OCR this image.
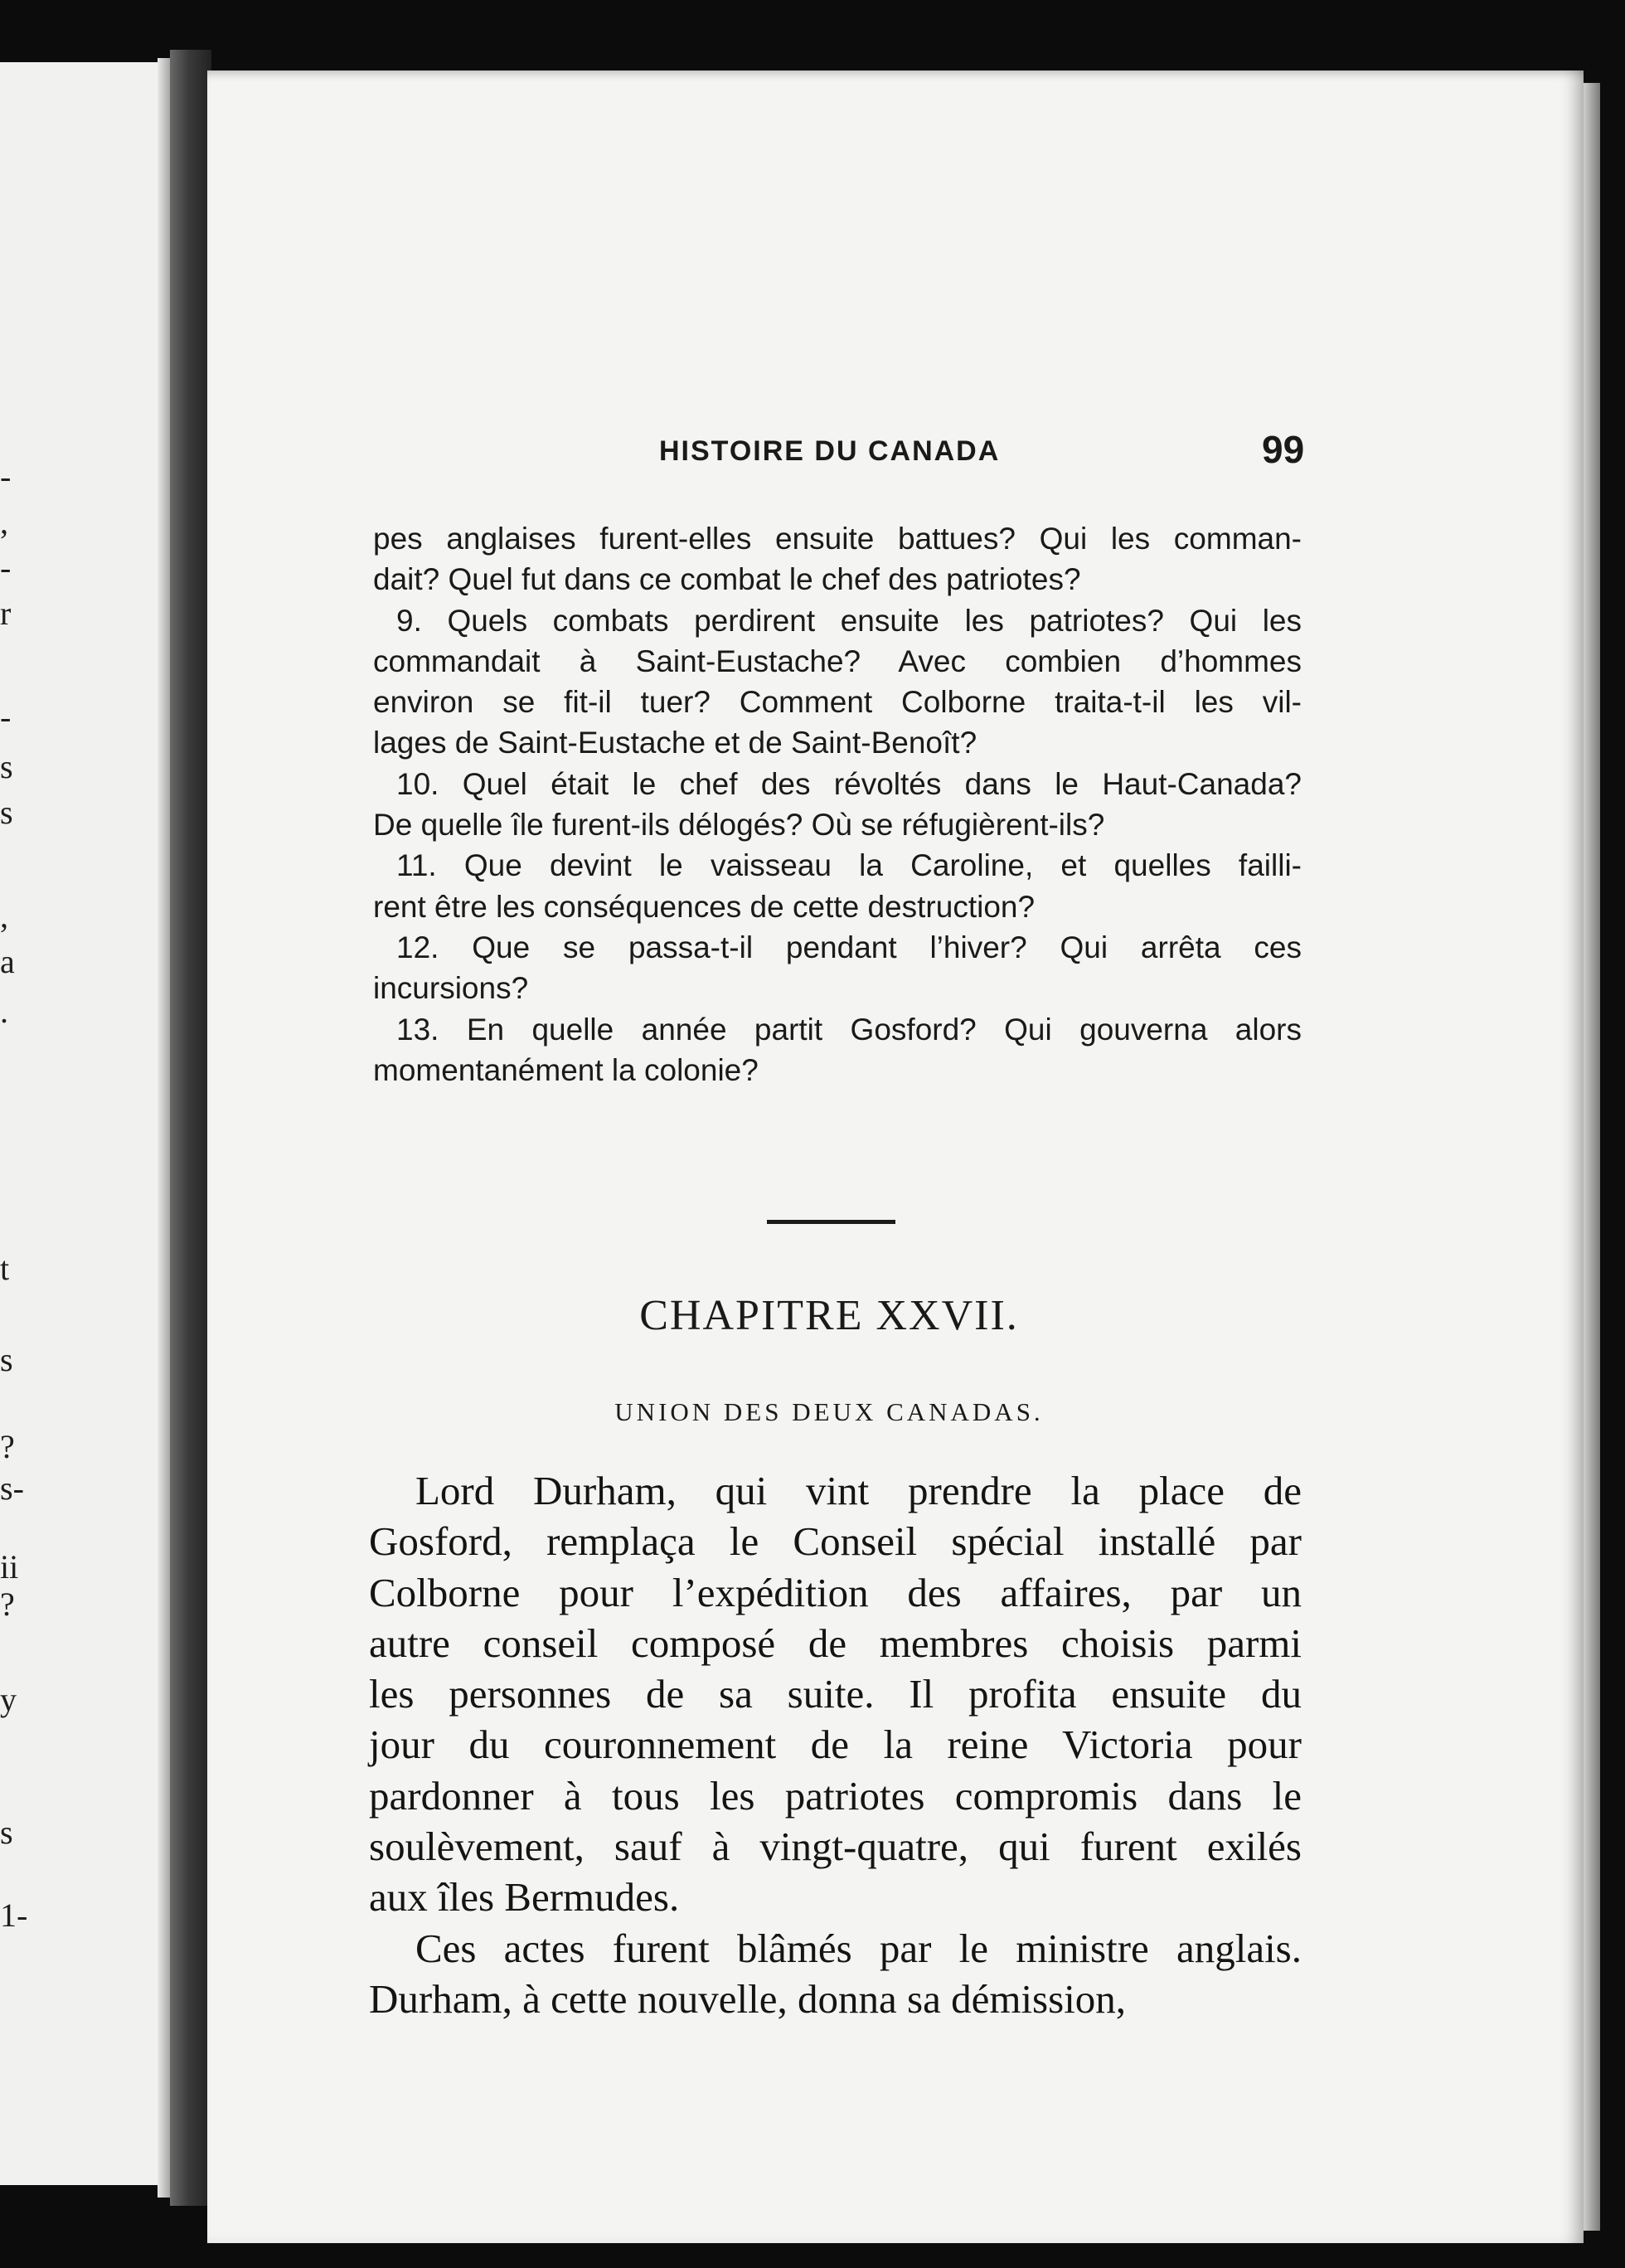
-
,
-
r
-
s
s
,
a
.
t
s
?
s-
ii
?
y
s
1-
HISTOIRE DU CANADA	99
pes anglaises furent-elles ensuite battues? Qui les comman-
dait? Quel fut dans ce combat le chef des patriotes?
9. Quels combats perdirent ensuite les patriotes? Qui les
commandait à Saint-Eustache? Avec combien d’hommes
environ se fit-il tuer? Comment Colborne traita-t-il les vil-
lages de Saint-Eustache et de Saint-Benoît?
10. Quel était le chef des révoltés dans le Haut-Canada?
De quelle île furent-ils délogés? Où se réfugièrent-ils?
11. Que devint le vaisseau la Caroline, et quelles failli-
rent être les conséquences de cette destruction?
12. Que se passa-t-il pendant l’hiver? Qui arrêta ces
incursions?
13. En quelle année partit Gosford? Qui gouverna alors
momentanément la colonie?
CHAPITRE XXVII.
UNION DES DEUX CANADAS.
Lord Durham, qui vint prendre la place de
Gosford, remplaça le Conseil spécial installé par
Colborne pour l’expédition des affaires, par un
autre conseil composé de membres choisis parmi
les personnes de sa suite. Il profita ensuite du
jour du couronnement de la reine Victoria pour
pardonner à tous les patriotes compromis dans le
soulèvement, sauf à vingt-quatre, qui furent exilés
aux îles Bermudes.
Ces actes furent blâmés par le ministre anglais.
Durham, à cette nouvelle, donna sa démission,
